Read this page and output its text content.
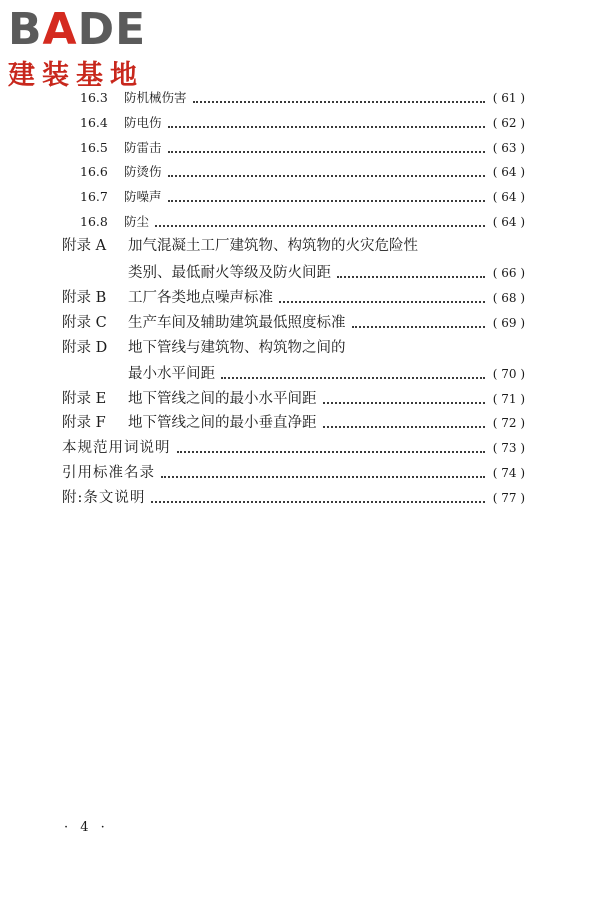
BADE
建装基地
16.3	防机械伤害	( 61 )
16.4	防电伤	( 62 )
16.5	防雷击	( 63 )
16.6	防烫伤	( 64 )
16.7	防噪声	( 64 )
16.8	防尘	( 64 )
附录 A	加气混凝土工厂建筑物、构筑物的火灾危险性
类别、最低耐火等级及防火间距	( 66 )
附录 B	工厂各类地点噪声标准	( 68 )
附录 C	生产车间及辅助建筑最低照度标准	( 69 )
附录 D	地下管线与建筑物、构筑物之间的
最小水平间距	( 70 )
附录 E	地下管线之间的最小水平间距	( 71 )
附录 F	地下管线之间的最小垂直净距	( 72 )
本规范用词说明	( 73 )
引用标准名录	( 74 )
附:条文说明	( 77 )
· 4 ·
